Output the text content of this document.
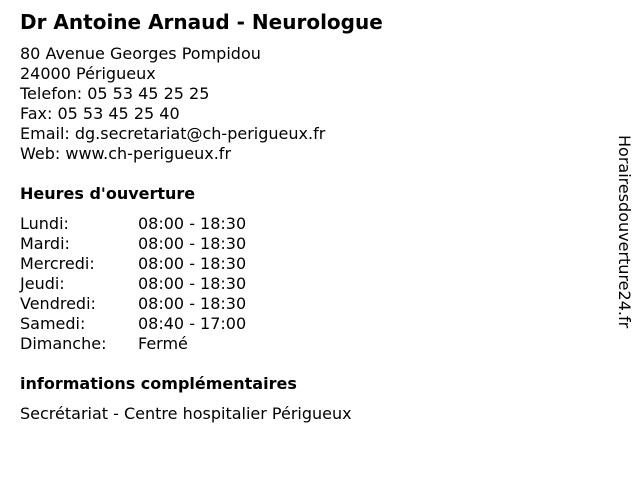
Dr Antoine Arnaud - Neurologue
80 Avenue Georges Pompidou
24000 Périgueux
Telefon: 05 53 45 25 25
Fax: 05 53 45 25 40
Email: dg.secretariat@ch-perigueux.fr
Web: www.ch-perigueux.fr
Heures d'ouverture
Lundi:	08:00 - 18:30
Mardi:	08:00 - 18:30
Mercredi:	08:00 - 18:30
Jeudi:	08:00 - 18:30
Vendredi:	08:00 - 18:30
Samedi:	08:40 - 17:00
Dimanche: Fermé
informations complémentaires
Secrétariat - Centre hospitalier Périgueux
Horairesdouverture24.fr
